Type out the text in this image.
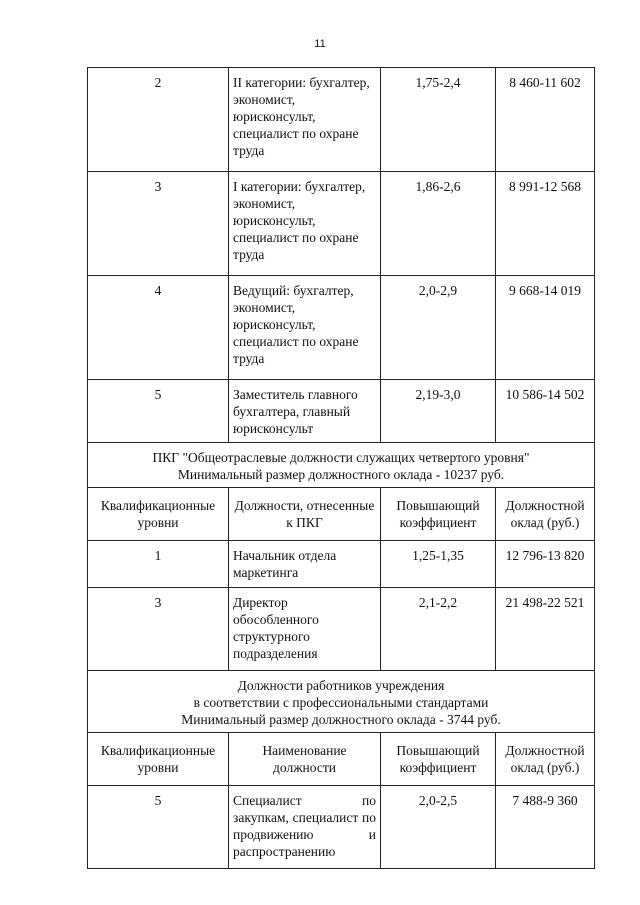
11
2	II категории: бухгалтер, экономист, юрисконсульт, специалист по охране труда	1,75-2,4	8 460-11 602
3	I категории: бухгалтер, экономист, юрисконсульт, специалист по охране труда	1,86-2,6	8 991-12 568
4	Ведущий: бухгалтер, экономист, юрисконсульт, специалист по охране труда	2,0-2,9	9 668-14 019
5	Заместитель главного бухгалтера, главный юрисконсульт	2,19-3,0	10 586-14 502

ПКГ "Общеотраслевые должности служащих четвертого уровня"
Минимальный размер должностного оклада - 10237 руб.			

Квалификационные уровни	Должности, отнесенные к ПКГ	Повышающий коэффициент	Должностной оклад (руб.)
1	Начальник отдела маркетинга	1,25-1,35	12 796-13 820
3	Директор обособленного структурного подразделения	2,1-2,2	21 498-22 521

Должности работников учреждения
в соответствии с профессиональными стандартами
Минимальный размер должностного оклада - 3744 руб.			

Квалификационные уровни	Наименование должности	Повышающий коэффициент	Должностной оклад (руб.)
5	Специалист по закупкам, специалист по продвижению и распространению	2,0-2,5	7 488-9 360
